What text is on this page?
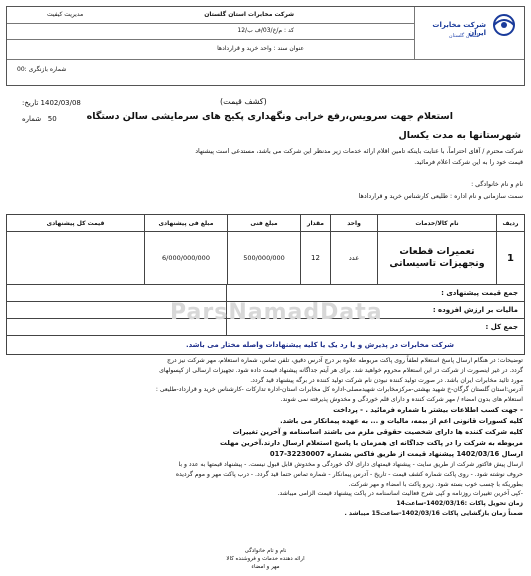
شرکت مخابرات ایران
استان گلستان
شرکت مخابرات استان گلستان
مدیریت کیفیت
کد : م/خ/03/ف ب/12
عنوان سند : واحد خرید و قراردادها
شماره بازنگری :00
1402/03/08 تاریخ:
50   شماره
(کشف قیمت)
استعلام جهت سرویس،رفع خرابی ونگهداری پکیج های سرمایشی سالن دستگاه
شهرستانها به مدت یکسال
شرکت محترم / آقای احتراماً، با عنایت باینکه تامین اقلام ارائه خدمات زیر مدنظر این شرکت می باشد، مستدعی است پیشنهاد
قیمت خود را به این شرکت اعلام فرمائید.
نام و نام خانوادگی :
سمت سازمانی و نام اداره : طلیعی کارشناس خرید و قراردادها
ردیف
نام کالا/خدمات
واحد
مقدار
مبلغ فنی
مبلغ فی پیشنهادی
قیمت کل پیشنهادی
1
تعمیرات قطعات وتجهیزات تاسیساتی
عدد
12
500/000/000
6/000/000/000
جمع قیمت پیشنهادی :
مالیات بر ارزش افزوده :
جمع کل :
شرکت مخابرات در پذیرش و یا رد یک یا کلیه پیشنهادات واصله مختار می باشد.
ParsNamadData
توضیحات: در هنگام ارسال پاسخ استعلام لطفاً روی پاکت مربوطه علاوه بر درج آدرس دقیق، تلفن تماس، شماره استعلام، مهر شرکت نیز درج
گردد. در غیر اینصورت از شرکت در این استعلام محروم خواهید شد. برای هر آیتم جداگانه پیشنهاد قیمت داده شود. تجهیزات ارسالی از کپسولهای
مورد تائید مخابرات ایران باشد. در صورت تولید کننده نبودن نام شرکت تولید کننده در برگه پیشنهاد قید گردد.
آدرس:استان گلستان گرگان-خ شهید بهشتی-مرکزمخابرات شهیدمصلی-اداره کل مخابرات استان-اداره تدارکات -کارشناس خرید و قرارداد-طلیعی :
استعلام های بدون امضاء / مهر شرکت کننده و دارای قلم خوردگی و مخدوش پذیرفته نمی شوند.
- جهت کسب اطلاعات بیشتر با شماره فرمائید . - پرداخت
کلیه کسورات قانونی اعم از بیمه، مالیات و ... به عهده پیمانکار می باشد.
کلیه شرکت کننده ها دارای شخصیت حقوقی ملزم می باشند اساسنامه و آخرین تغییرات
مربوطه به شرکت را در پاکت جداگانه ای همزمان با پاسخ استعلام ارسال دارند.آخرین مهلت
ارسال 1402/03/16 پیشنهاد قیمت از طریق فاکس بشماره 32230007-017
ارسال پیش فاکتور شرکت از طریق سایت - پیشنهاد قیمتهای دارای لاک خوردگی و مخدوش قابل قبول نیست. - پیشنهاد قیمتها به عدد و با
حروف نوشته شود. - روی پاکت شماره کشف قیمت - تاریخ - آدرس پیمانکار - شماره تماس حتما قید گردد. - درب پاکت مهر و موم گردیده
بطوریکه با چسب خوب بسته شود. زیرو پاکت با امضاء و مهر شرکت.
-کپی آخرین تغییرات روزنامه و کپی شرح فعالیت اساسنامه در پاکت پیشنهاد قیمت الزامی میباشد.
زمان تحویل پاکات :1402/03/16-ساعت14
ضمناً زمان بازگشایی پاکات 1402/03/16-ساعت15 میباشد .
نام و نام خانوادگی
ارائه دهنده خدمات و فروشنده کالا
مهر و امضاء
